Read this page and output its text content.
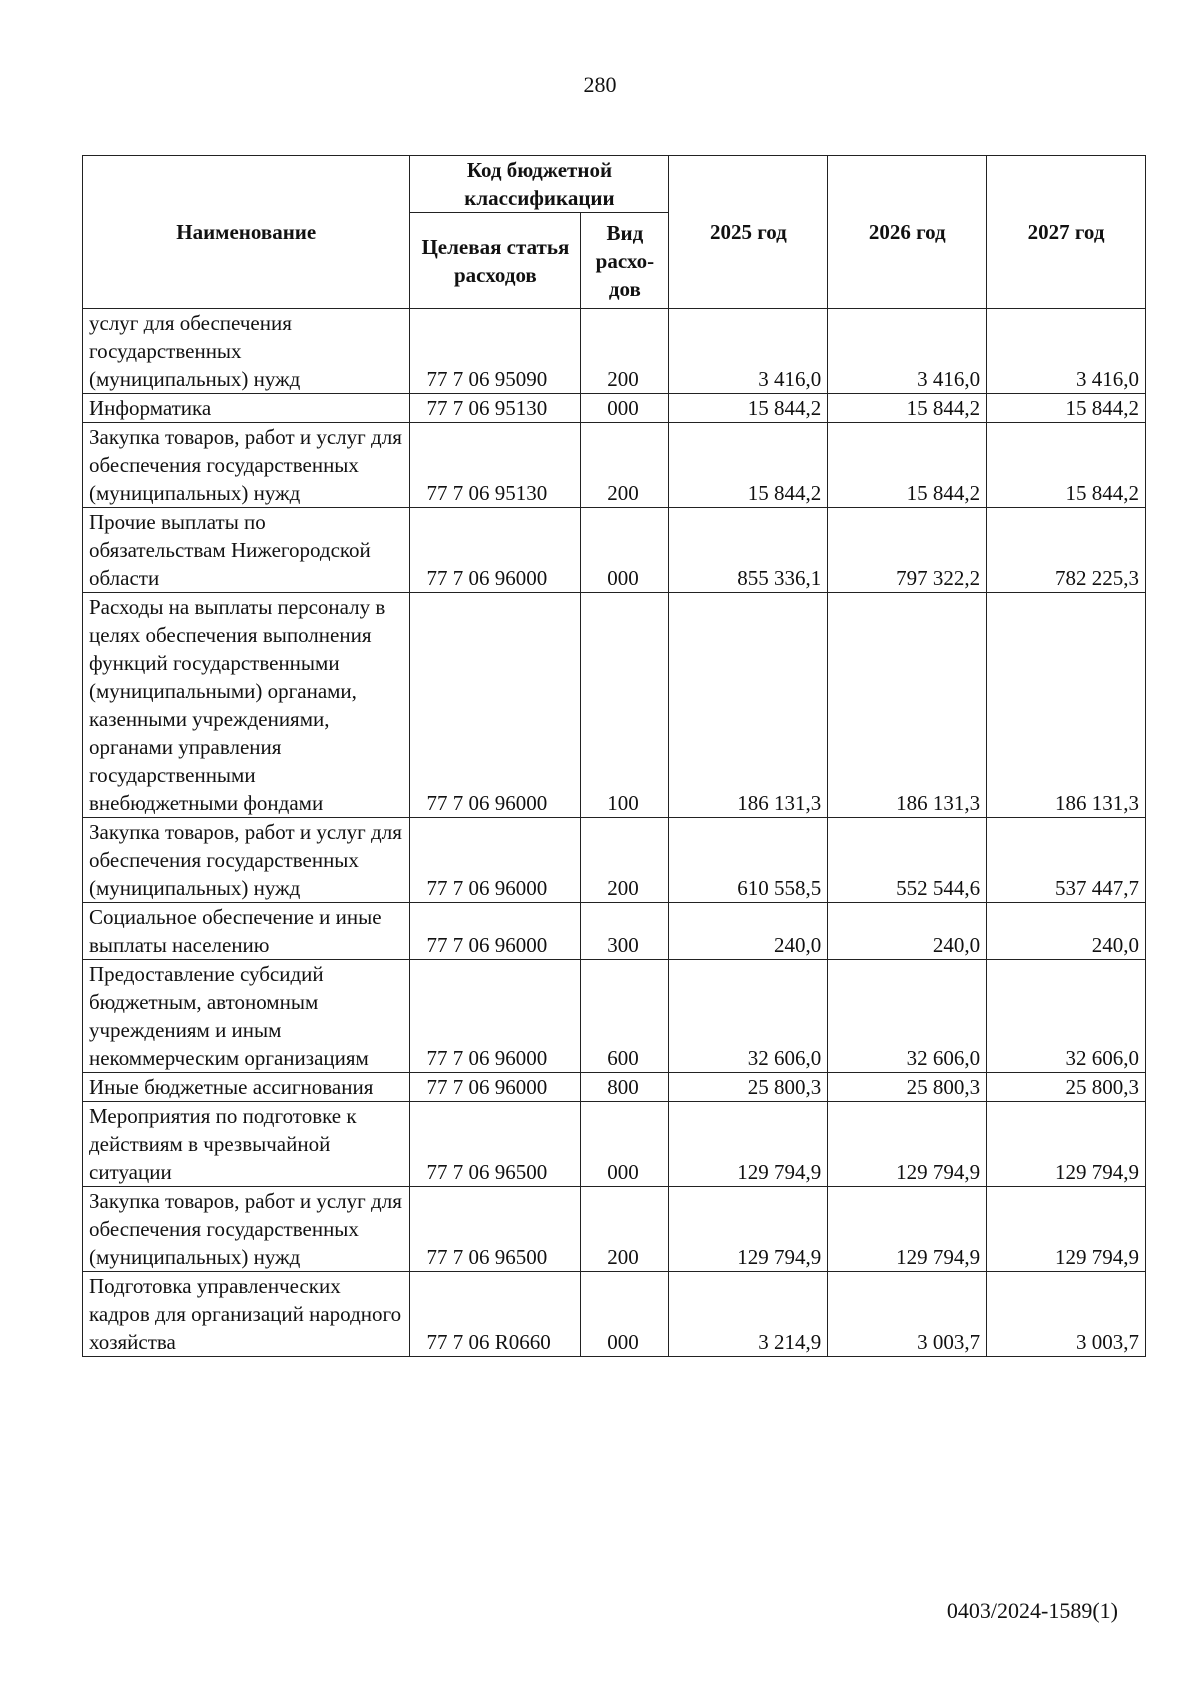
280
Наименование	Код бюджетной классификации		2025 год	2026 год	2027 год
	Целевая статья расходов	Вид расхо-дов			
услуг для обеспечения государственных (муниципальных) нужд	77 7 06 95090	200	3 416,0	3 416,0	3 416,0
Информатика	77 7 06 95130	000	15 844,2	15 844,2	15 844,2
Закупка товаров, работ и услуг для обеспечения государственных (муниципальных) нужд	77 7 06 95130	200	15 844,2	15 844,2	15 844,2
Прочие выплаты по обязательствам Нижегородской области	77 7 06 96000	000	855 336,1	797 322,2	782 225,3
Расходы на выплаты персоналу в целях обеспечения выполнения функций государственными (муниципальными) органами, казенными учреждениями, органами управления государственными внебюджетными фондами	77 7 06 96000	100	186 131,3	186 131,3	186 131,3
Закупка товаров, работ и услуг для обеспечения государственных (муниципальных) нужд	77 7 06 96000	200	610 558,5	552 544,6	537 447,7
Социальное обеспечение и иные выплаты населению	77 7 06 96000	300	240,0	240,0	240,0
Предоставление субсидий бюджетным, автономным учреждениям и иным некоммерческим организациям	77 7 06 96000	600	32 606,0	32 606,0	32 606,0
Иные бюджетные ассигнования	77 7 06 96000	800	25 800,3	25 800,3	25 800,3
Мероприятия по подготовке к действиям в чрезвычайной ситуации	77 7 06 96500	000	129 794,9	129 794,9	129 794,9
Закупка товаров, работ и услуг для обеспечения государственных (муниципальных) нужд	77 7 06 96500	200	129 794,9	129 794,9	129 794,9
Подготовка управленческих кадров для организаций народного хозяйства	77 7 06 R0660	000	3 214,9	3 003,7	3 003,7
0403/2024-1589(1)
